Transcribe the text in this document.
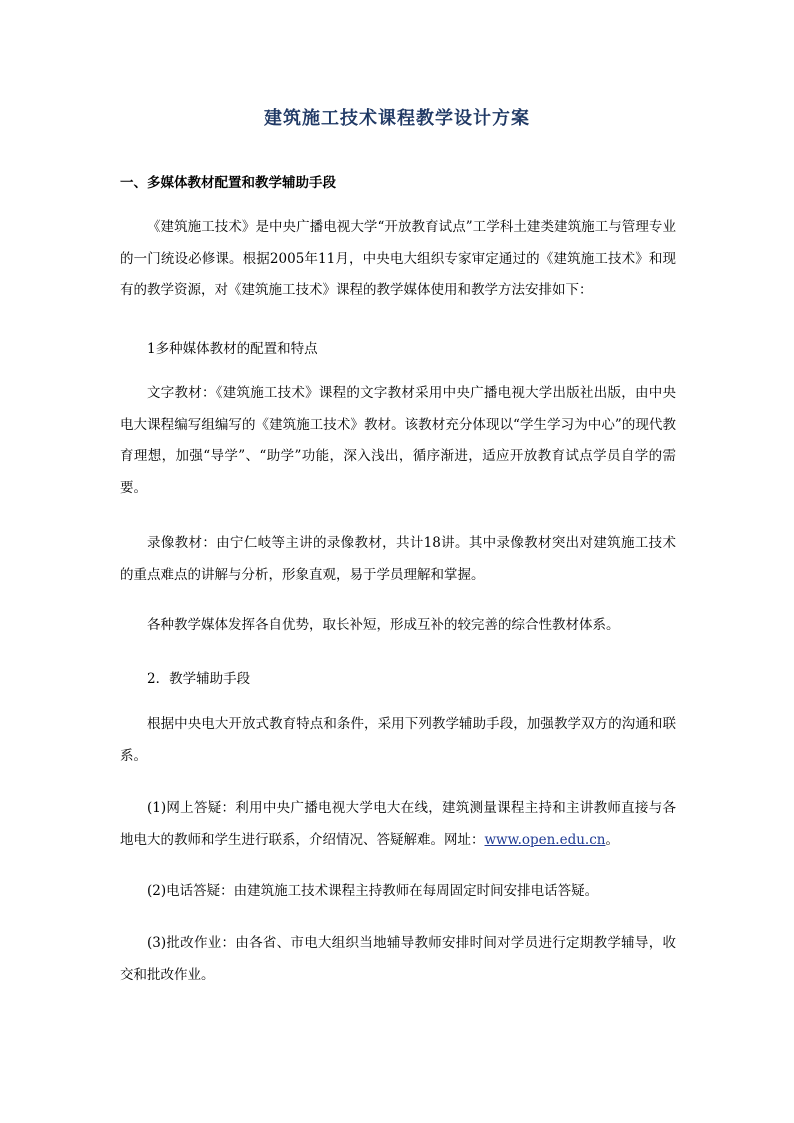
建筑施工技术课程教学设计方案
一、多媒体教材配置和教学辅助手段

《建筑施工技术》是中央广播电视大学“开放教育试点”工学科土建类建筑施工与管理专业的一门统设必修课。根据2005年11月，中央电大组织专家审定通过的《建筑施工技术》和现有的教学资源，对《建筑施工技术》课程的教学媒体使用和教学方法安排如下：

1多种媒体教材的配置和特点

文字教材：《建筑施工技术》课程的文字教材采用中央广播电视大学出版社出版，由中央电大课程编写组编写的《建筑施工技术》教材。该教材充分体现以“学生学习为中心”的现代教育理想，加强“导学”、“助学”功能，深入浅出，循序渐进，适应开放教育试点学员自学的需要。

录像教材：由宁仁岐等主讲的录像教材，共计18讲。其中录像教材突出对建筑施工技术的重点难点的讲解与分析，形象直观，易于学员理解和掌握。

各种教学媒体发挥各自优势，取长补短，形成互补的较完善的综合性教材体系。

2．教学辅助手段

根据中央电大开放式教育特点和条件，采用下列教学辅助手段，加强教学双方的沟通和联系。

(1)网上答疑：利用中央广播电视大学电大在线，建筑测量课程主持和主讲教师直接与各地电大的教师和学生进行联系，介绍情况、答疑解难。网址：www.open.edu.cn。

(2)电话答疑：由建筑施工技术课程主持教师在每周固定时间安排电话答疑。

(3)批改作业：由各省、市电大组织当地辅导教师安排时间对学员进行定期教学辅导，收交和批改作业。
